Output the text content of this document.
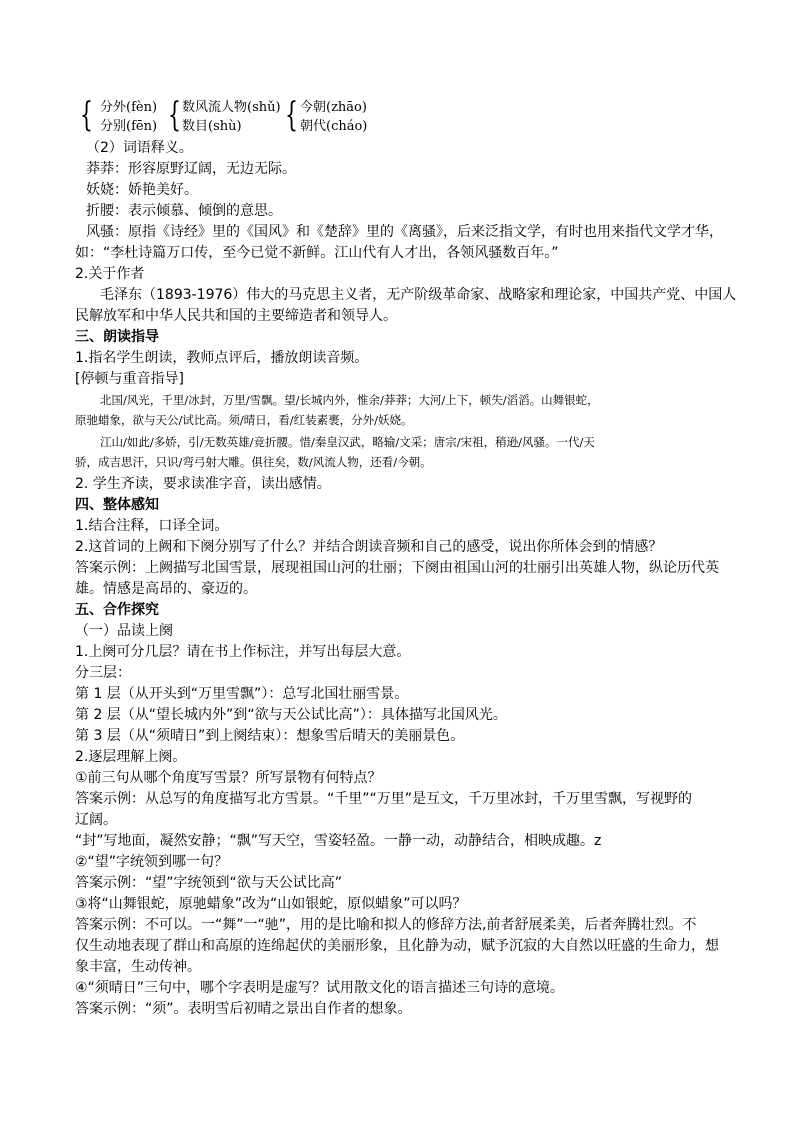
{ 分外(fèn)
分别(fēn) { 数风流人物(shǔ)
数目(shù) { 今朝(zhāo)
朝代(cháo)
（2）词语释义。
莽莽：形容原野辽阔，无边无际。
妖娆：娇艳美好。
折腰：表示倾慕、倾倒的意思。
风骚：原指《诗经》里的《国风》和《楚辞》里的《离骚》，后来泛指文学，有时也用来指代文学才华，
如：“李杜诗篇万口传，至今已觉不新鲜。江山代有人才出，各领风骚数百年。”
2.关于作者
毛泽东（1893-1976）伟大的马克思主义者，无产阶级革命家、战略家和理论家，中国共产党、中国人
民解放军和中华人民共和国的主要缔造者和领导人。
三、朗读指导
1.指名学生朗读，教师点评后，播放朗读音频。
[停顿与重音指导]
北国/风光，千里/冰封，万里/雪飘。望/长城内外，惟余/莽莽；大河/上下，顿失/滔滔。山舞银蛇，
原驰蜡象，欲与天公/试比高。须/晴日，看/红装素裹，分外/妖娆。
江山/如此/多娇，引/无数英雄/竞折腰。惜/秦皇汉武，略输/文采；唐宗/宋祖，稍逊/风骚。一代/天
骄，成吉思汗，只识/弯弓射大雕。俱往矣，数/风流人物，还看/今朝。
2. 学生齐读，要求读准字音，读出感情。
四、整体感知
1.结合注释，口译全词。
2.这首词的上阙和下阕分别写了什么？并结合朗读音频和自己的感受，说出你所体会到的情感？
答案示例：上阙描写北国雪景，展现祖国山河的壮丽；下阕由祖国山河的壮丽引出英雄人物，纵论历代英
雄。情感是高昂的、豪迈的。
五、合作探究
（一）品读上阕
1.上阕可分几层？请在书上作标注，并写出每层大意。
分三层：
第 1 层（从开头到“万里雪飘”）：总写北国壮丽雪景。
第 2 层（从“望长城内外”到“欲与天公试比高”）：具体描写北国风光。
第 3 层（从“须晴日”到上阕结束）：想象雪后晴天的美丽景色。
2.逐层理解上阕。
①前三句从哪个角度写雪景？所写景物有何特点？
答案示例：从总写的角度描写北方雪景。“千里”“万里”是互文，千万里冰封，千万里雪飘，写视野的
辽阔。
“封”写地面，凝然安静；“飘”写天空，雪姿轻盈。一静一动，动静结合，相映成趣。z
②“望”字统领到哪一句？
答案示例：“望”字统领到“欲与天公试比高”
③将“山舞银蛇，原驰蜡象”改为“山如银蛇，原似蜡象”可以吗？
答案示例：不可以。一“舞”一“驰”，用的是比喻和拟人的修辞方法,前者舒展柔美，后者奔腾壮烈。不
仅生动地表现了群山和高原的连绵起伏的美丽形象，且化静为动，赋予沉寂的大自然以旺盛的生命力，想
象丰富，生动传神。
④“须晴日”三句中，哪个字表明是虚写？试用散文化的语言描述三句诗的意境。
答案示例：“须”。表明雪后初晴之景出自作者的想象。
